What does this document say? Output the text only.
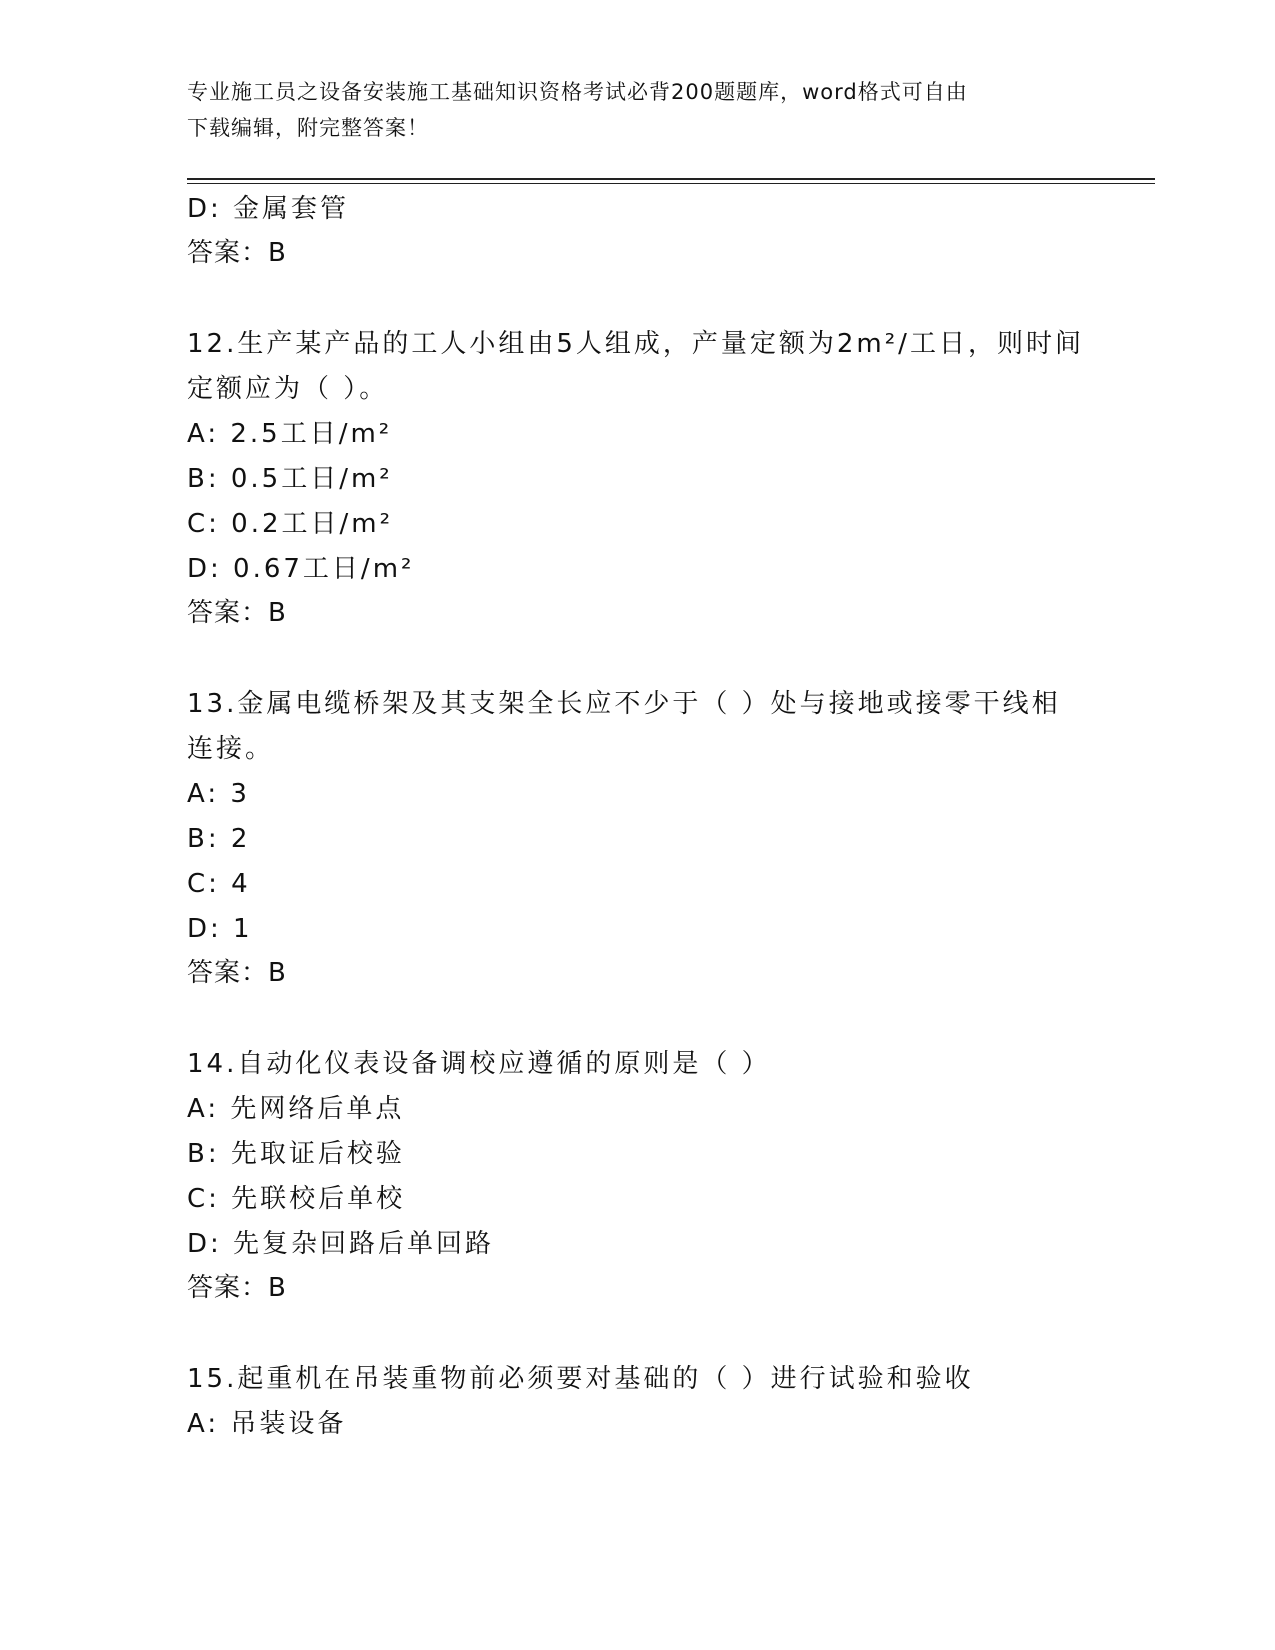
专业施工员之设备安装施工基础知识资格考试必背200题题库，word格式可自由
下载编辑，附完整答案！
D: 金属套管
答案：B
12.生产某产品的工人小组由5人组成，产量定额为2m²/工日，则时间
定额应为（ ）。
A: 2.5工日/m²
B: 0.5工日/m²
C: 0.2工日/m²
D: 0.67工日/m²
答案：B
13.金属电缆桥架及其支架全长应不少于（ ）处与接地或接零干线相
连接。
A: 3
B: 2
C: 4
D: 1
答案：B
14.自动化仪表设备调校应遵循的原则是（ ）
A: 先网络后单点
B: 先取证后校验
C: 先联校后单校
D: 先复杂回路后单回路
答案：B
15.起重机在吊装重物前必须要对基础的（ ）进行试验和验收
A: 吊装设备
